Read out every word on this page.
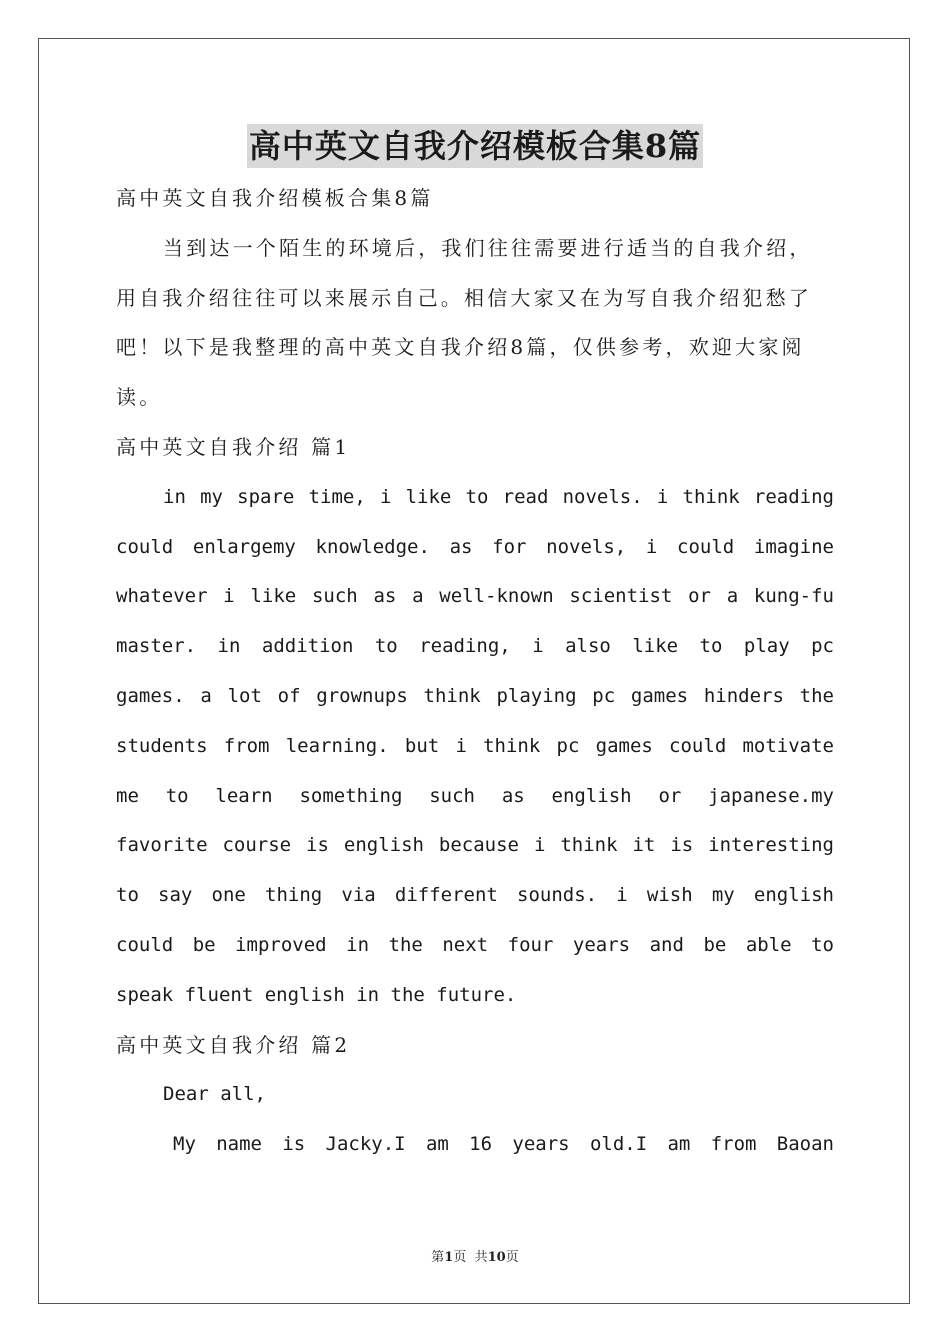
高中英文自我介绍模板合集8篇
高中英文自我介绍模板合集8篇
当到达一个陌生的环境后，我们往往需要进行适当的自我介绍，
用自我介绍往往可以来展示自己。相信大家又在为写自我介绍犯愁了
吧！以下是我整理的高中英文自我介绍8篇，仅供参考，欢迎大家阅
读。
高中英文自我介绍 篇1
in my spare time, i like to read novels. i think reading
could enlargemy knowledge. as for novels, i could imagine
whatever i like such as a well-known scientist or a kung-fu
master. in addition to reading, i also like to play pc
games. a lot of grownups think playing pc games hinders the
students from learning. but i think pc games could motivate
me to learn something such as english or japanese.my
favorite course is english because i think it is interesting
to say one thing via different sounds. i wish my english
could be improved in the next four years and be able to
speak fluent english in the future.
高中英文自我介绍 篇2
Dear all,
My name is Jacky.I am 16 years old.I am from Baoan
第1页  共10页
